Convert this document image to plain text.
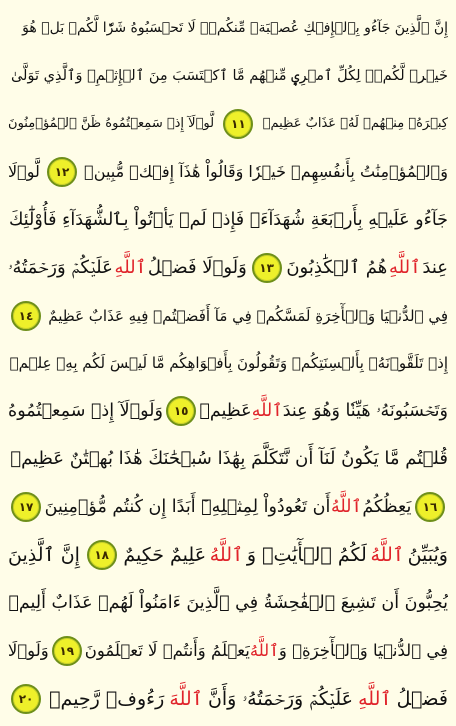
إِنَّ ٱلَّذِينَ جَآءُو بِٱلۡإِفۡكِ عُصۡبَةٞ مِّنكُمۡۚ لَا تَحۡسَبُوهُ شَرّٗا لَّكُمۖ بَلۡ هُوَ
خَيۡرٞ لَّكُمۡۚ لِكُلِّ ٱمۡرِيٕٖ مِّنۡهُم مَّا ٱكۡتَسَبَ مِنَ ٱلۡإِثۡمِۚ وَٱلَّذِي تَوَلَّىٰ
كِبۡرَهُۥ مِنۡهُمۡ لَهُۥ عَذَابٌ عَظِيمٞ
١١
لَّوۡلَآ إِذۡ سَمِعۡتُمُوهُ ظَنَّ ٱلۡمُؤۡمِنُونَ
وَٱلۡمُؤۡمِنَٰتُ بِأَنفُسِهِمۡ خَيۡرٗا وَقَالُواْ هَٰذَآ إِفۡكٞ مُّبِينٞ
١٢
لَّوۡلَا
جَآءُو عَلَيۡهِ بِأَرۡبَعَةِ شُهَدَآءَۚ فَإِذۡ لَمۡ يَأۡتُواْ بِٱلشُّهَدَآءِ فَأُوْلَٰٓئِكَ
عِندَ
ٱللَّهِ
هُمُ ٱلۡكَٰذِبُونَ
١٣
وَلَوۡلَا فَضۡلُ
ٱللَّهِ
عَلَيۡكُمۡ وَرَحۡمَتُهُۥ
فِي ٱلدُّنۡيَا وَٱلۡأٓخِرَةِ لَمَسَّكُمۡ فِي مَآ أَفَضۡتُمۡ فِيهِ عَذَابٌ عَظِيمٌ
١٤
إِذۡ تَلَقَّوۡنَهُۥ بِأَلۡسِنَتِكُمۡ وَتَقُولُونَ بِأَفۡوَاهِكُم مَّا لَيۡسَ لَكُم بِهِۦ عِلۡمٞ
وَتَحۡسَبُونَهُۥ هَيِّنٗا وَهُوَ عِندَ
ٱللَّهِ
عَظِيمٞ
١٥
وَلَوۡلَآ إِذۡ سَمِعۡتُمُوهُ
قُلۡتُم مَّا يَكُونُ لَنَآ أَن نَّتَكَلَّمَ بِهَٰذَا سُبۡحَٰنَكَ هَٰذَا بُهۡتَٰنٌ عَظِيمٞ
١٦
يَعِظُكُمُ
ٱللَّهُ
أَن تَعُودُواْ لِمِثۡلِهِۦٓ أَبَدًا إِن كُنتُم مُّؤۡمِنِينَ
١٧
وَيُبَيِّنُ
ٱللَّهُ
لَكُمُ ٱلۡأٓيَٰتِۚ وَ
ٱللَّهُ
عَلِيمٌ حَكِيمٌ
١٨
إِنَّ ٱلَّذِينَ
يُحِبُّونَ أَن تَشِيعَ ٱلۡفَٰحِشَةُ فِي ٱلَّذِينَ ءَامَنُواْ لَهُمۡ عَذَابٌ أَلِيمٞ
فِي ٱلدُّنۡيَا وَٱلۡأٓخِرَةِۚ وَ
ٱللَّهُ
يَعۡلَمُ وَأَنتُمۡ لَا تَعۡلَمُونَ
١٩
وَلَوۡلَا
فَضۡلُ
ٱللَّهِ
عَلَيۡكُمۡ وَرَحۡمَتُهُۥ وَأَنَّ
ٱللَّهَ
رَءُوفٞ رَّحِيمٞ
٢٠
